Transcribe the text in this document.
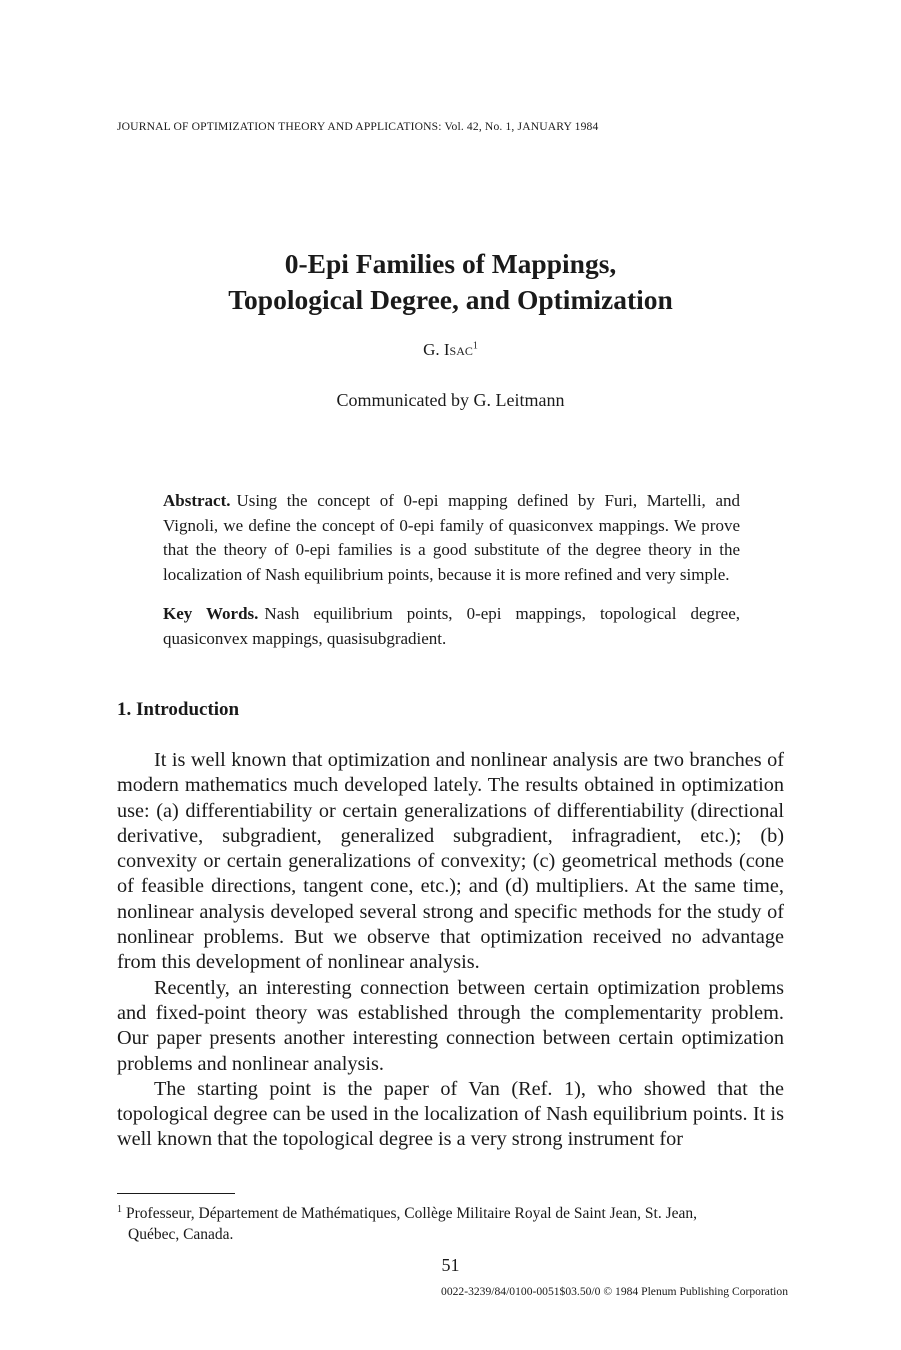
JOURNAL OF OPTIMIZATION THEORY AND APPLICATIONS: Vol. 42, No. 1, JANUARY 1984
0-Epi Families of Mappings,
Topological Degree, and Optimization
G. Isac$^1$
Communicated by G. Leitmann
Abstract. Using the concept of 0-epi mapping defined by Furi, Martelli, and Vignoli, we define the concept of 0-epi family of quasiconvex mappings. We prove that the theory of 0-epi families is a good substitute of the degree theory in the localization of Nash equilibrium points, because it is more refined and very simple.
Key Words. Nash equilibrium points, 0-epi mappings, topological degree, quasiconvex mappings, quasisubgradient.
1. Introduction

It is well known that optimization and nonlinear analysis are two branches of modern mathematics much developed lately. The results obtained in optimization use: (a) differentiability or certain generalizations of differentiability (directional derivative, subgradient, generalized subgradient, infragradient, etc.); (b) convexity or certain generalizations of convexity; (c) geometrical methods (cone of feasible directions, tangent cone, etc.); and (d) multipliers. At the same time, nonlinear analysis developed several strong and specific methods for the study of nonlinear problems. But we observe that optimization received no advantage from this development of nonlinear analysis.

Recently, an interesting connection between certain optimization problems and fixed-point theory was established through the complementarity problem. Our paper presents another interesting connection between certain optimization problems and nonlinear analysis.

The starting point is the paper of Van (Ref. 1), who showed that the topological degree can be used in the localization of Nash equilibrium points. It is well known that the topological degree is a very strong instrument for

$^1$ Professeur, Département de Mathématiques, Collège Militaire Royal de Saint Jean, St. Jean,
Québec, Canada.
51
0022-3239/84/0100-0051$03.50/0 © 1984 Plenum Publishing Corporation
